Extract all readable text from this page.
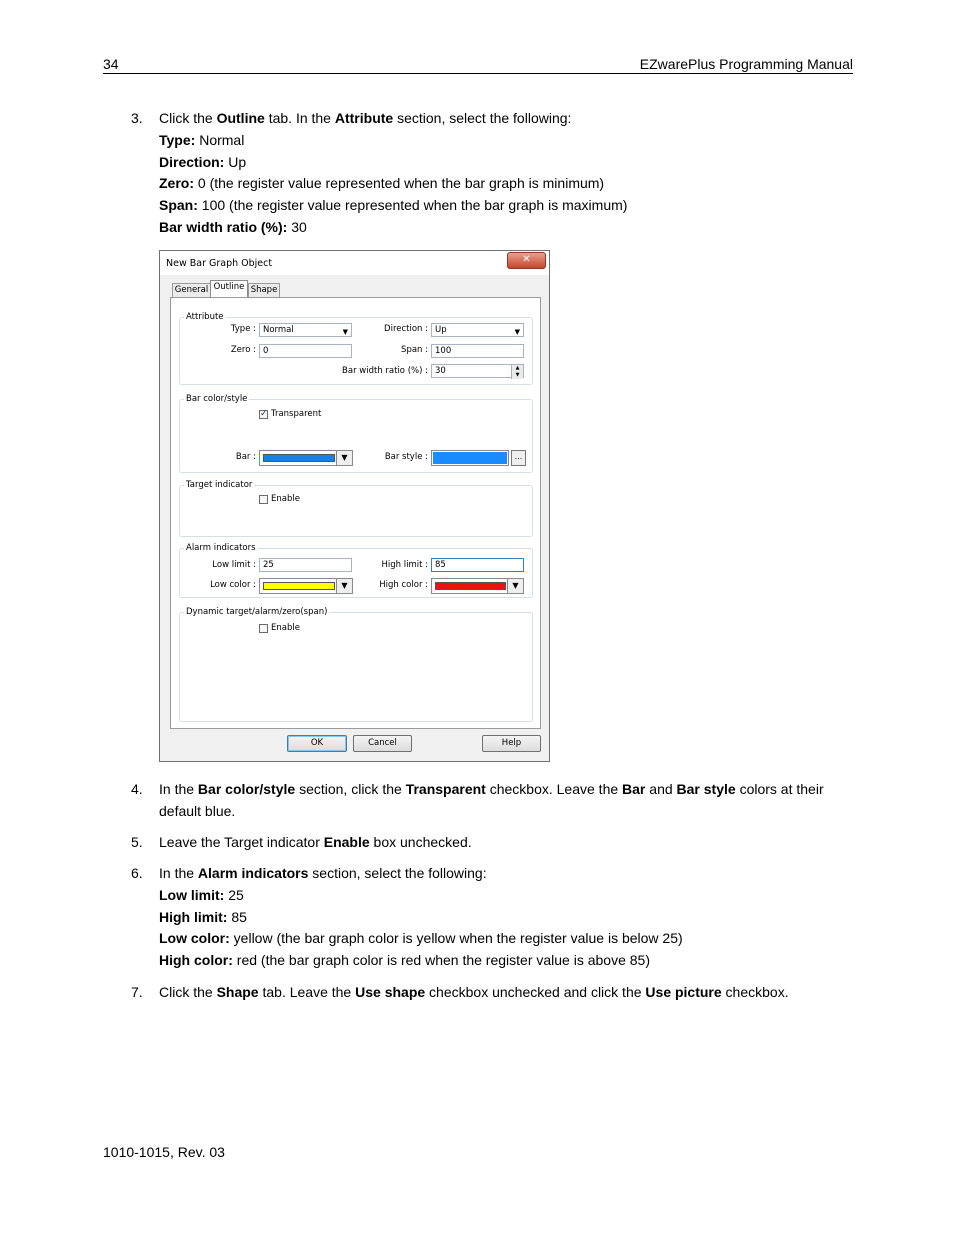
34	EZwarePlus Programming Manual
3. Click the Outline tab. In the Attribute section, select the following:
Type: Normal
Direction: Up
Zero: 0 (the register value represented when the bar graph is minimum)
Span: 100 (the register value represented when the bar graph is maximum)
Bar width ratio (%): 30
New Bar Graph Object	✕
General Outline Shape
Attribute
Type : Normal	▼	Direction : Up	▼
Zero : 0	Span : 100
Bar width ratio (%) : 30	▲
▼
Bar color/style
✓ Transparent
Bar :	▼	Bar style :	...
Target indicator
Enable
Alarm indicators
Low limit : 25	High limit : 85
Low color :	▼	High color :	▼
Dynamic target/alarm/zero(span)
Enable
OK	Cancel	Help
4. In the Bar color/style section, click the Transparent checkbox. Leave the Bar and Bar style colors at their default blue.
5. Leave the Target indicator Enable box unchecked.
6. In the Alarm indicators section, select the following:
Low limit: 25
High limit: 85
Low color: yellow (the bar graph color is yellow when the register value is below 25)
High color: red (the bar graph color is red when the register value is above 85)
7. Click the Shape tab. Leave the Use shape checkbox unchecked and click the Use picture checkbox.
1010-1015, Rev. 03
